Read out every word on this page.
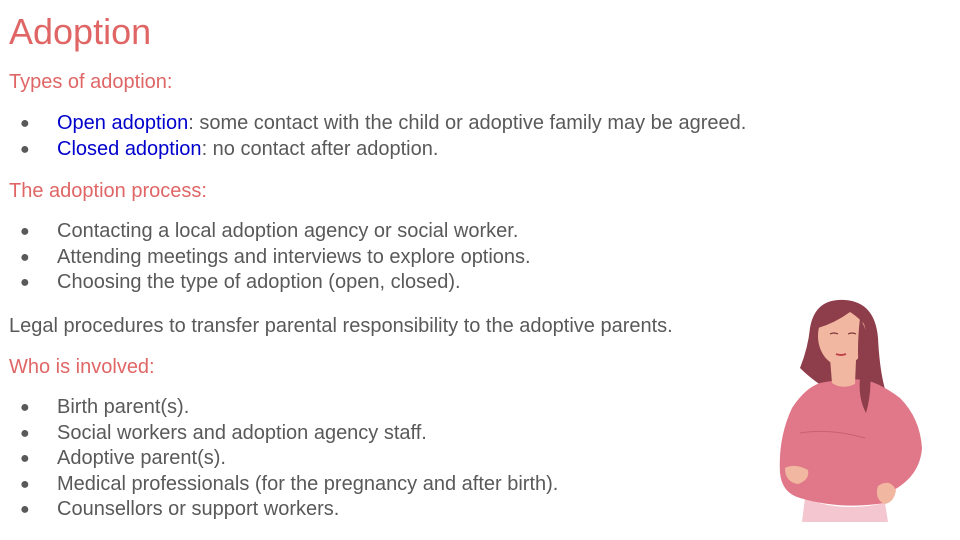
Adoption
Types of adoption:
● Open adoption: some contact with the child or adoptive family may be agreed.
● Closed adoption: no contact after adoption.
The adoption process:
● Contacting a local adoption agency or social worker.
● Attending meetings and interviews to explore options.
● Choosing the type of adoption (open, closed).
Legal procedures to transfer parental responsibility to the adoptive parents.
Who is involved:
● Birth parent(s).
● Social workers and adoption agency staff.
● Adoptive parent(s).
● Medical professionals (for the pregnancy and after birth).
● Counsellors or support workers.
